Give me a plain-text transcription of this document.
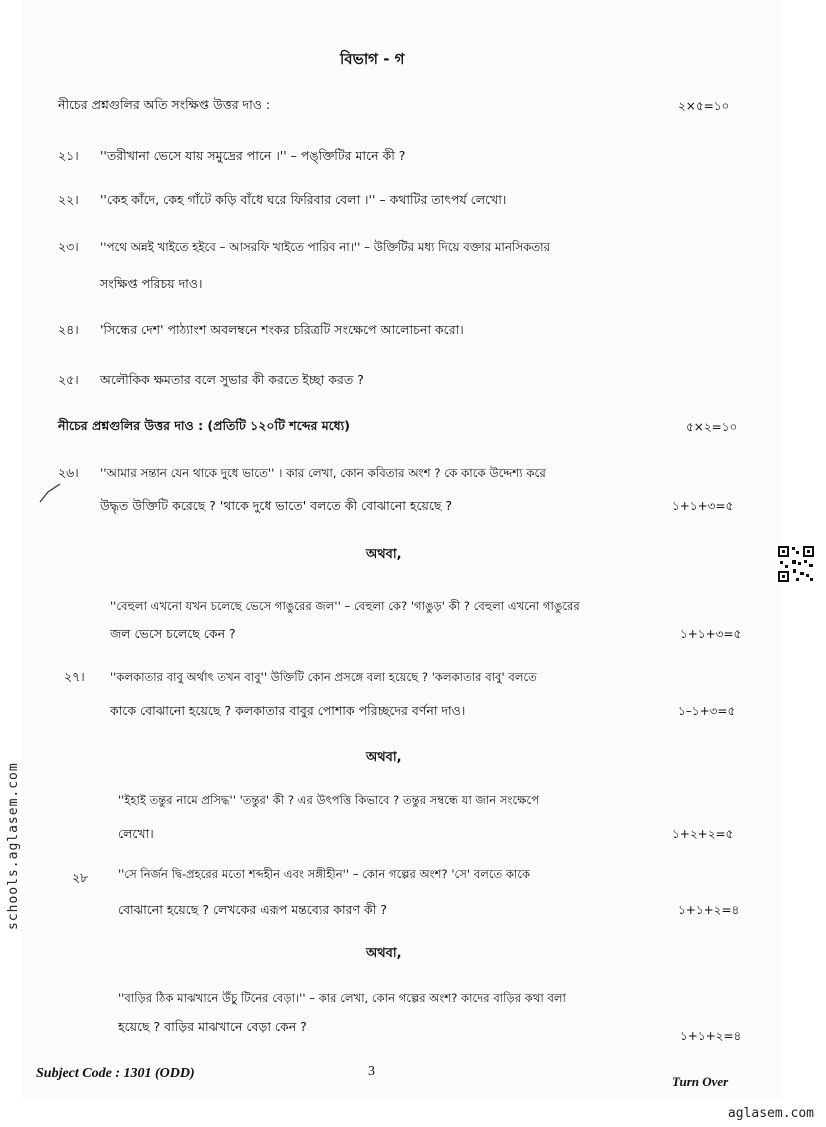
বিভাগ - গ
নীচের প্রশ্নগুলির অতি সংক্ষিপ্ত উত্তর দাও :	২×৫=১০
২১। ''তরীখানা ভেসে যায় সমুদ্রের পানে ।'' – পঙ্‌ক্তিটির মানে কী ?
২২। ''কেহ কাঁদে, কেহ গাঁটে কড়ি বাঁধে ঘরে ফিরিবার বেলা ।'' – কথাটির তাৎপর্য লেখো।
২৩। ''পথে অন্নই খাইতে হইবে – আসরফি খাইতে পারিব না।'' – উক্তিটির মধ্য দিয়ে বক্তার মানসিকতার
সংক্ষিপ্ত পরিচয় দাও।
২৪। 'সিন্ধের দেশ' পাঠ্যাংশ অবলম্বনে শংকর চরিত্রটি সংক্ষেপে আলোচনা করো।
২৫। অলৌকিক ক্ষমতার বলে সুভার কী করতে ইচ্ছা করত ?
নীচের প্রশ্নগুলির উত্তর দাও : (প্রতিটি ১২০টি শব্দের মধ্যে)	৫×২=১০
২৬। ''আমার সন্তান যেন থাকে দুধে ভাতে'' । কার লেখা, কোন কবিতার অংশ ? কে কাকে উদ্দেশ্য করে
উদ্ধৃত উক্তিটি করেছে ? 'থাকে দুধে ভাতে' বলতে কী বোঝানো হয়েছে ?	১+১+৩=৫
অথবা,
''বেহুলা এখনো যখন চলেছে ভেসে গাঙুরের জল'' – বেহুলা কে? 'গাঙুড়' কী ? বেহুলা এখনো গাঙুরের
জল ভেসে চলেছে কেন ?	১+১+৩=৫
২৭। ''কলকাতার বাবু অর্থাৎ তখন বাবু'' উক্তিটি কোন প্রসঙ্গে বলা হয়েছে ? 'কলকাতার বাবু' বলতে
কাকে বোঝানো হয়েছে ? কলকাতার বাবুর পোশাক পরিচ্ছদের বর্ণনা দাও।	১–১+৩=৫
অথবা,
''ইহাই তন্তুর নামে প্রসিদ্ধ'' 'তন্তুর' কী ? এর উৎপত্তি কিভাবে ? তন্তুর সম্বন্ধে যা জান সংক্ষেপে
লেখো।	১+২+২=৫
২৮	''সে নির্জন দ্বি-প্রহরের মতো শব্দহীন এবং সঙ্গীহীন'' – কোন গল্পের অংশ? 'সে' বলতে কাকে
বোঝানো হয়েছে ? লেখকের এরূপ মন্তব্যের কারণ কী ?	১+১+২=৪
অথবা,
''বাড়ির ঠিক মাঝখানে উঁচু টিনের বেড়া।'' – কার লেখা, কোন গল্পের অংশ? কাদের বাড়ির কথা বলা
হয়েছে ? বাড়ির মাঝখানে বেড়া কেন ?
১+১+২=৪
Subject Code : 1301 (ODD)	3
Turn Over
schools.aglasem.com
aglasem.com
